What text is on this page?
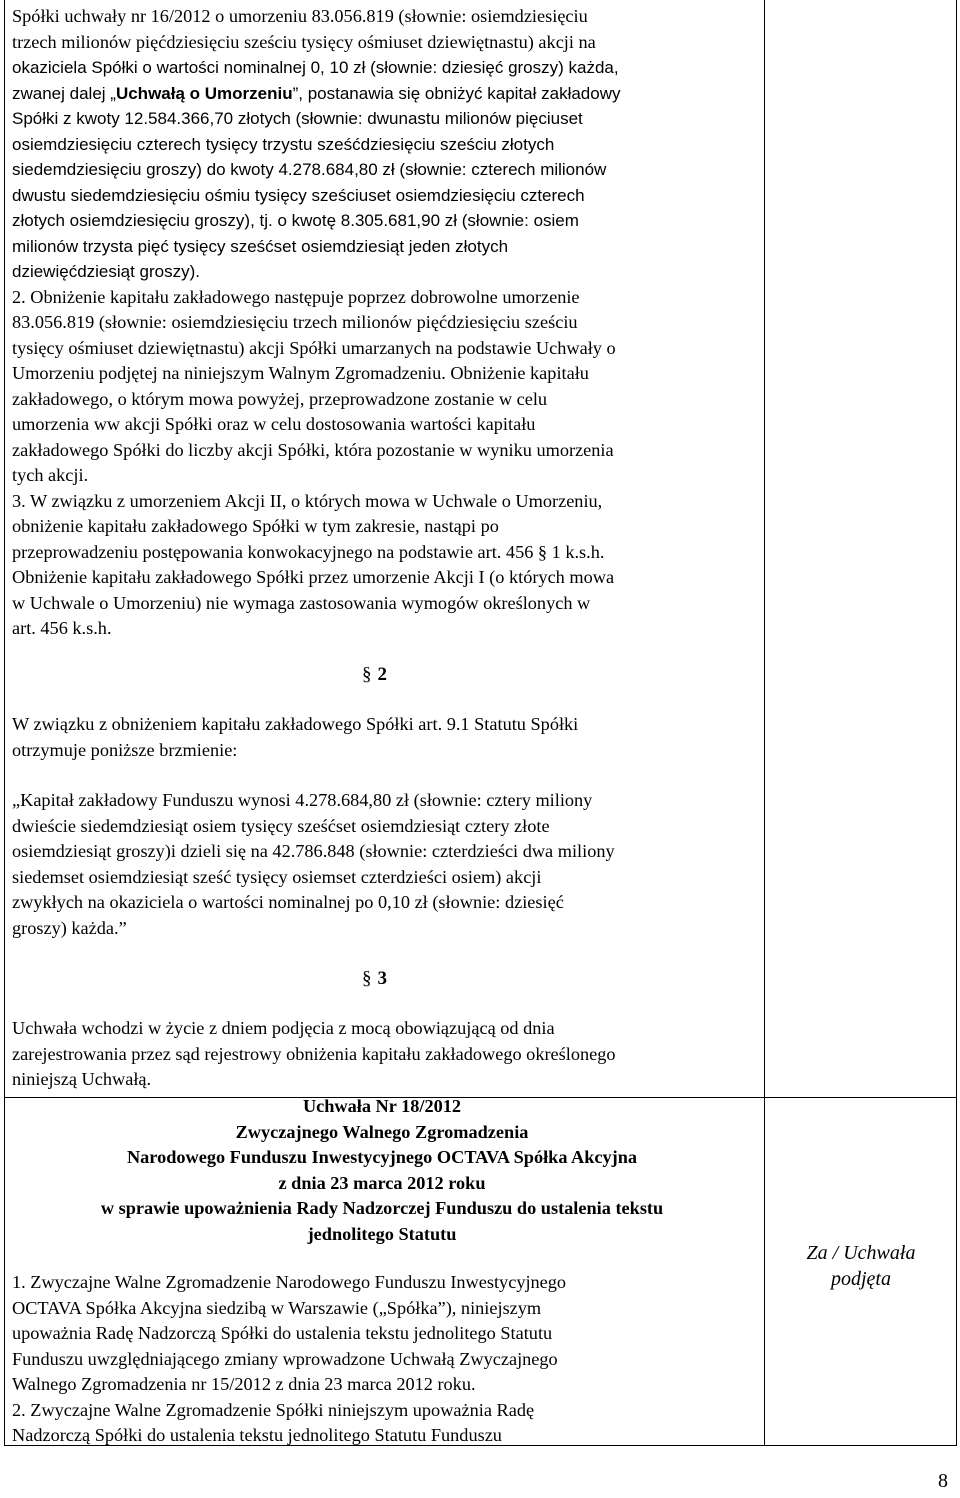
Spółki uchwały nr 16/2012 o umorzeniu 83.056.819 (słownie: osiemdziesięciu
trzech milionów pięćdziesięciu sześciu tysięcy ośmiuset dziewiętnastu) akcji na
okaziciela Spółki o wartości nominalnej 0, 10 zł (słownie: dziesięć groszy) każda,
zwanej dalej „Uchwałą o Umorzeniu”, postanawia się obniżyć kapitał zakładowy
Spółki z kwoty 12.584.366,70 złotych (słownie: dwunastu milionów pięciuset
osiemdziesięciu czterech tysięcy trzystu sześćdziesięciu sześciu złotych
siedemdziesięciu groszy) do kwoty 4.278.684,80 zł (słownie: czterech milionów
dwustu siedemdziesięciu ośmiu tysięcy sześciuset osiemdziesięciu czterech
złotych osiemdziesięciu groszy), tj. o kwotę 8.305.681,90 zł (słownie: osiem
milionów trzysta pięć tysięcy sześćset osiemdziesiąt jeden złotych
dziewięćdziesiąt groszy).
2. Obniżenie kapitału zakładowego następuje poprzez dobrowolne umorzenie
83.056.819 (słownie: osiemdziesięciu trzech milionów pięćdziesięciu sześciu
tysięcy ośmiuset dziewiętnastu) akcji Spółki umarzanych na podstawie Uchwały o
Umorzeniu podjętej na niniejszym Walnym Zgromadzeniu. Obniżenie kapitału
zakładowego, o którym mowa powyżej, przeprowadzone zostanie w celu
umorzenia ww akcji Spółki oraz w celu dostosowania wartości kapitału
zakładowego Spółki do liczby akcji Spółki, która pozostanie w wyniku umorzenia
tych akcji.
3. W związku z umorzeniem Akcji II, o których mowa w Uchwale o Umorzeniu,
obniżenie kapitału zakładowego Spółki w tym zakresie, nastąpi po
przeprowadzeniu postępowania konwokacyjnego na podstawie art. 456 § 1 k.s.h.
Obniżenie kapitału zakładowego Spółki przez umorzenie Akcji I (o których mowa
w Uchwale o Umorzeniu) nie wymaga zastosowania wymogów określonych w
art. 456 k.s.h.
§ 2
W związku z obniżeniem kapitału zakładowego Spółki art. 9.1 Statutu Spółki
otrzymuje poniższe brzmienie:
„Kapitał zakładowy Funduszu wynosi 4.278.684,80 zł (słownie: cztery miliony
dwieście siedemdziesiąt osiem tysięcy sześćset osiemdziesiąt cztery złote
osiemdziesiąt groszy)i dzieli się na 42.786.848 (słownie: czterdzieści dwa miliony
siedemset osiemdziesiąt sześć tysięcy osiemset czterdzieści osiem) akcji
zwykłych na okaziciela o wartości nominalnej po 0,10 zł (słownie: dziesięć
groszy) każda.”
§ 3
Uchwała wchodzi w życie z dniem podjęcia z mocą obowiązującą od dnia
zarejestrowania przez sąd rejestrowy obniżenia kapitału zakładowego określonego
niniejszą Uchwałą.
Uchwała Nr 18/2012
Zwyczajnego Walnego Zgromadzenia
Narodowego Funduszu Inwestycyjnego OCTAVA Spółka Akcyjna
z dnia 23 marca 2012 roku
w sprawie upoważnienia Rady Nadzorczej Funduszu do ustalenia tekstu
jednolitego Statutu
1. Zwyczajne Walne Zgromadzenie Narodowego Funduszu Inwestycyjnego
OCTAVA Spółka Akcyjna siedzibą w Warszawie („Spółka”), niniejszym
upoważnia Radę Nadzorczą Spółki do ustalenia tekstu jednolitego Statutu
Funduszu uwzględniającego zmiany wprowadzone Uchwałą Zwyczajnego
Walnego Zgromadzenia nr 15/2012 z dnia 23 marca 2012 roku.
2. Zwyczajne Walne Zgromadzenie Spółki niniejszym upoważnia Radę
Nadzorczą Spółki do ustalenia tekstu jednolitego Statutu Funduszu
Za / Uchwała
podjęta
8
